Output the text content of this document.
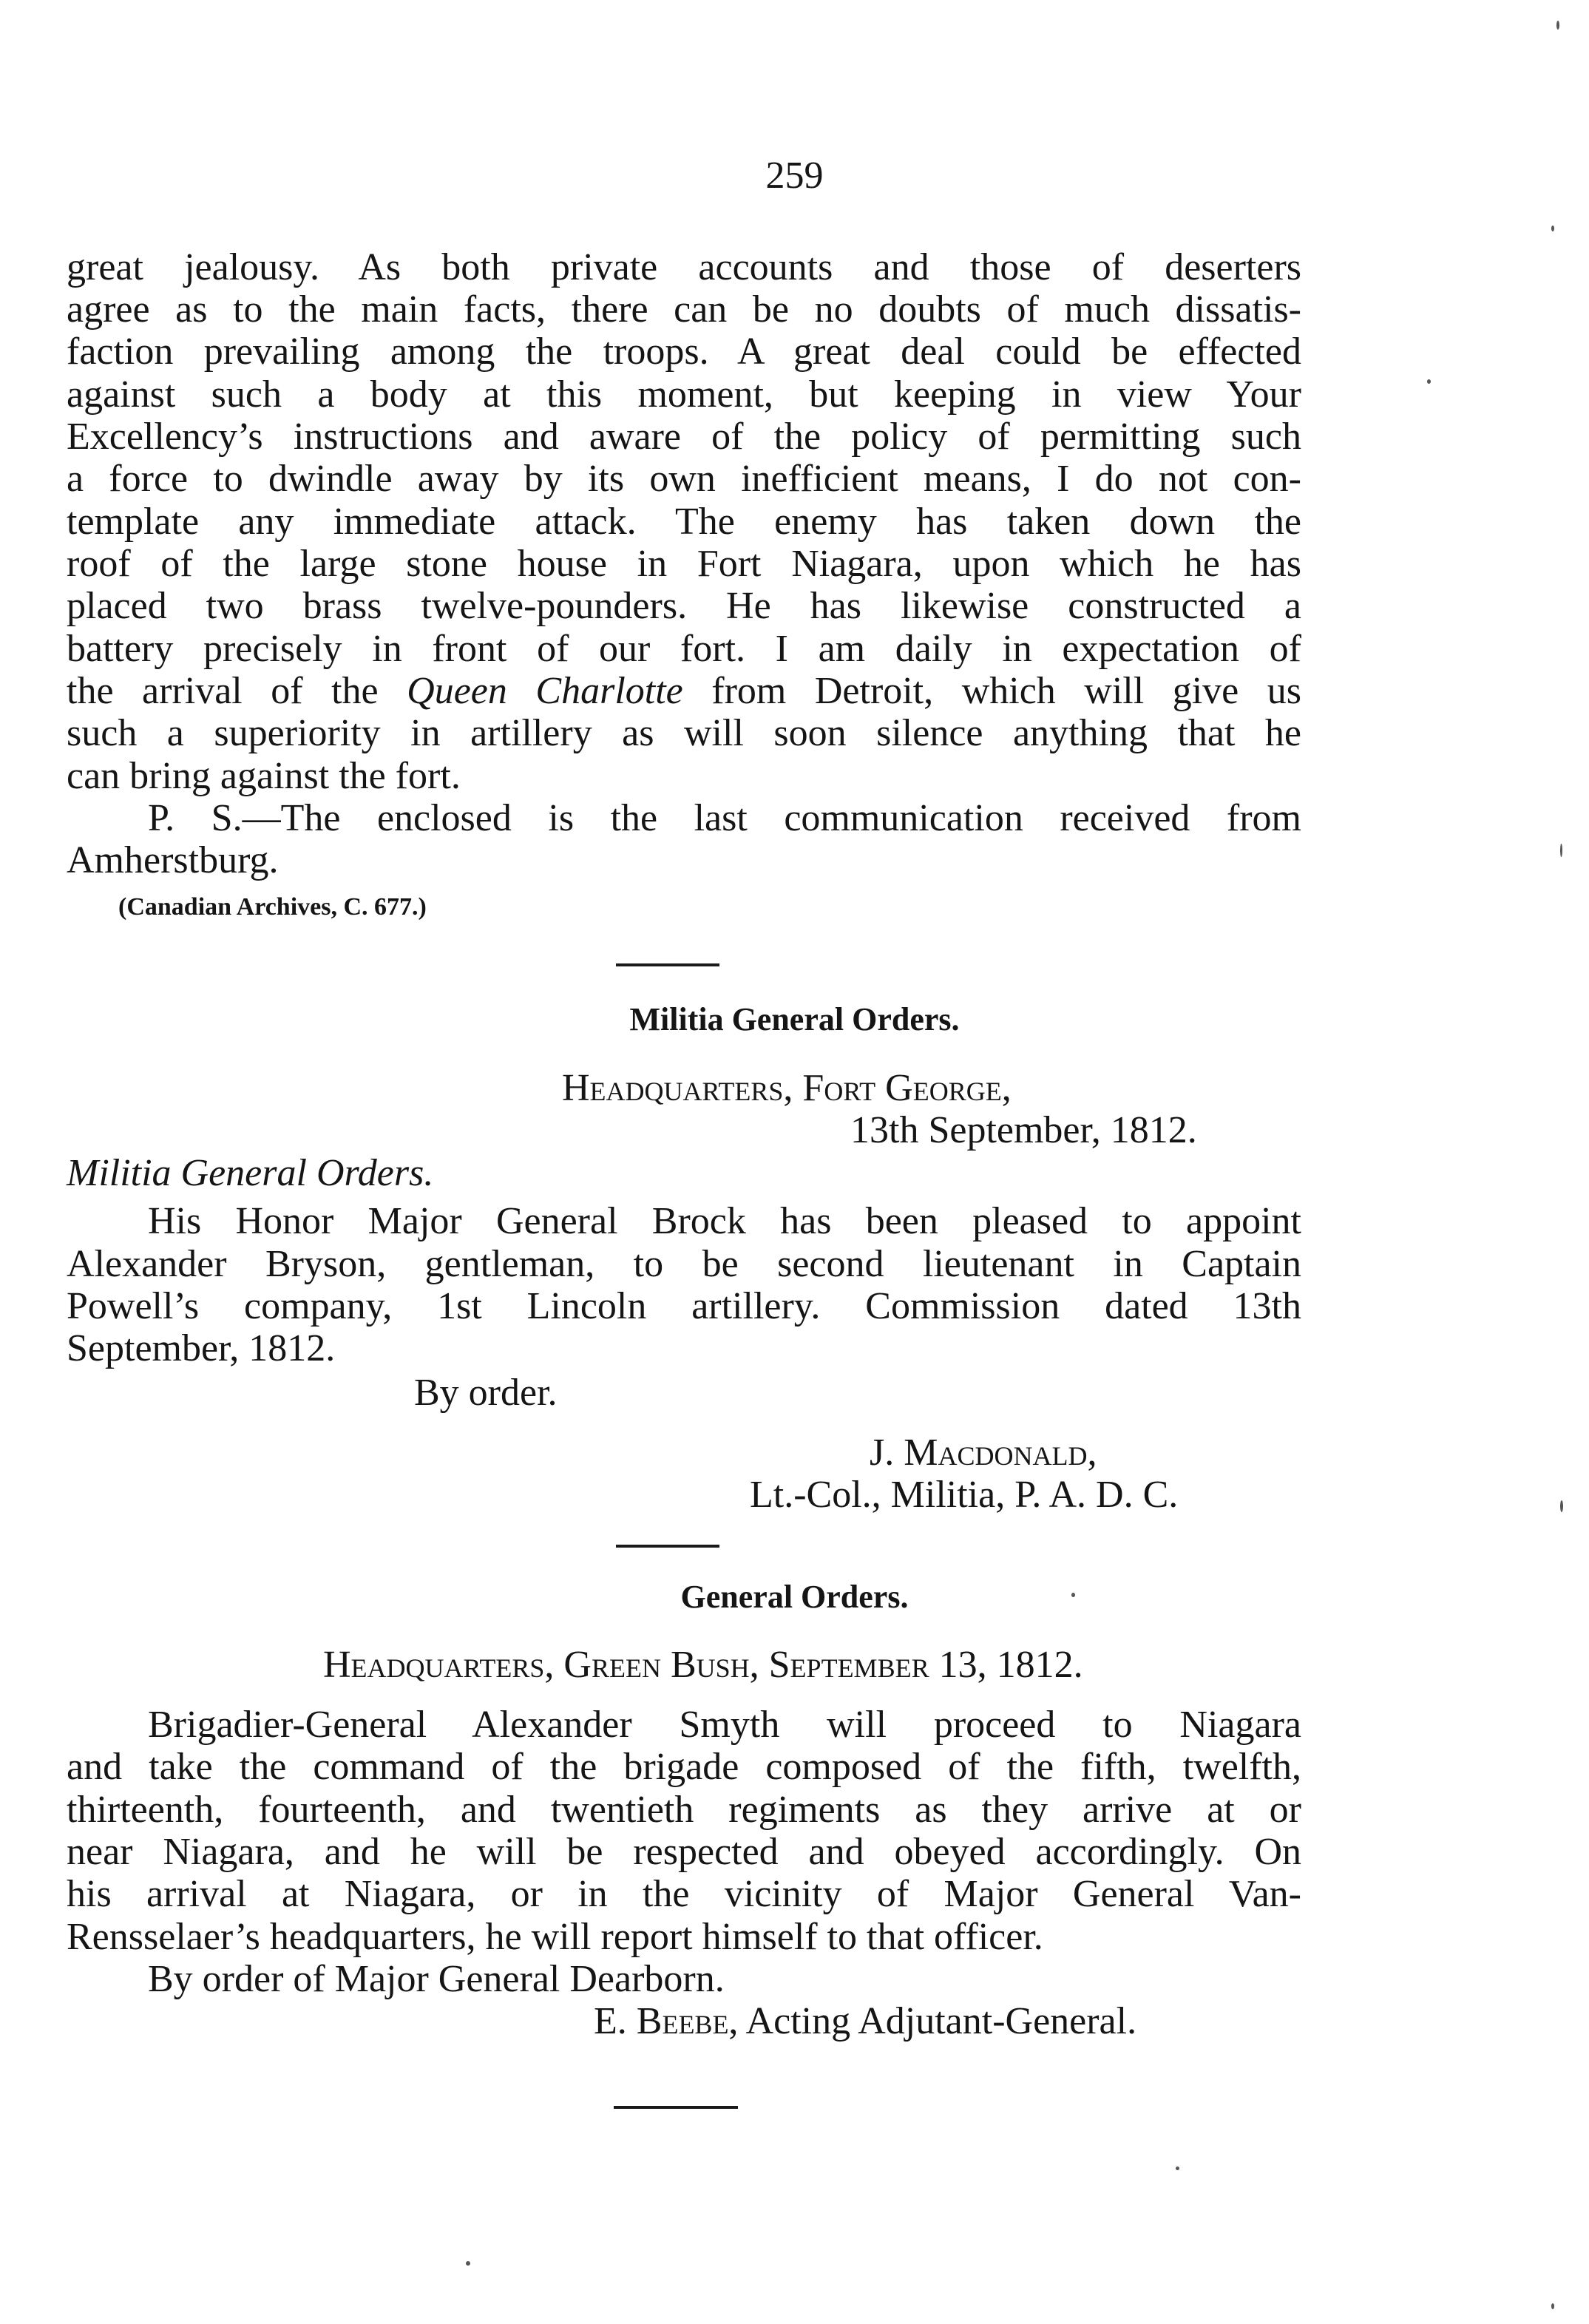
259
great jealousy. As both private accounts and those of deserters
agree as to the main facts, there can be no doubts of much dissatis-
faction prevailing among the troops. A great deal could be effected
against such a body at this moment, but keeping in view Your
Excellency’s instructions and aware of the policy of permitting such
a force to dwindle away by its own inefficient means, I do not con-
template any immediate attack. The enemy has taken down the
roof of the large stone house in Fort Niagara, upon which he has
placed two brass twelve-pounders. He has likewise constructed a
battery precisely in front of our fort. I am daily in expectation of
the arrival of the Queen Charlotte from Detroit, which will give us
such a superiority in artillery as will soon silence anything that he
can bring against the fort.
P. S.—The enclosed is the last communication received from
Amherstburg.
(Canadian Archives, C. 677.)
Militia General Orders.
Headquarters, Fort George,
13th September, 1812.
Militia General Orders.
His Honor Major General Brock has been pleased to appoint
Alexander Bryson, gentleman, to be second lieutenant in Captain
Powell’s company, 1st Lincoln artillery. Commission dated 13th
September, 1812.
By order.
J. Macdonald,
Lt.-Col., Militia, P. A. D. C.
General Orders.
Headquarters, Green Bush, September 13, 1812.
Brigadier-General Alexander Smyth will proceed to Niagara
and take the command of the brigade composed of the fifth, twelfth,
thirteenth, fourteenth, and twentieth regiments as they arrive at or
near Niagara, and he will be respected and obeyed accordingly. On
his arrival at Niagara, or in the vicinity of Major General Van-
Rensselaer’s headquarters, he will report himself to that officer.
By order of Major General Dearborn.
E. Beebe, Acting Adjutant-General.
